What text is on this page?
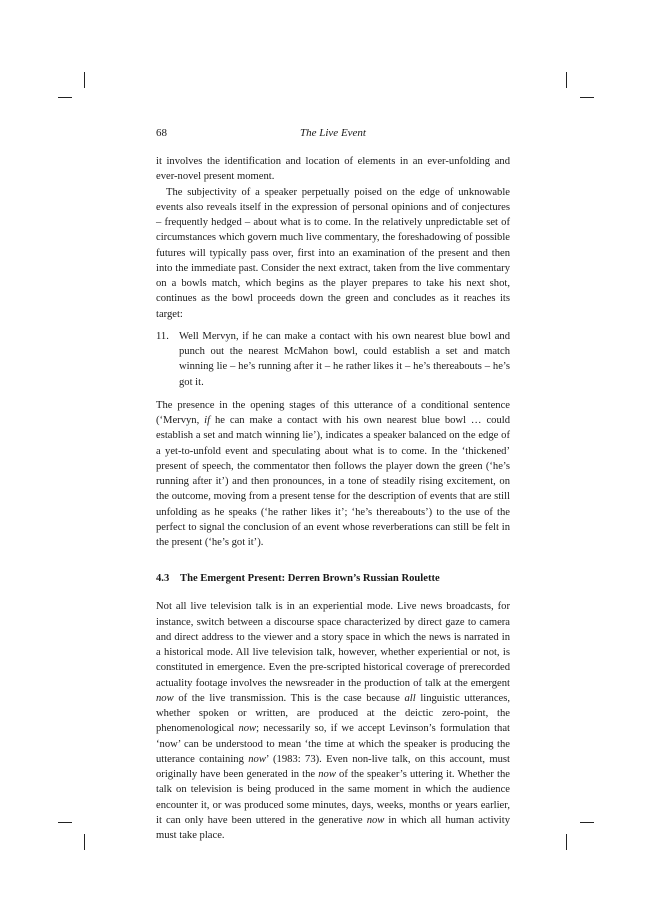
68	The Live Event

it involves the identification and location of elements in an ever-unfolding and ever-novel present moment.

The subjectivity of a speaker perpetually poised on the edge of unknowable events also reveals itself in the expression of personal opinions and of conjectures – frequently hedged – about what is to come. In the relatively unpredictable set of circumstances which govern much live commentary, the foreshadowing of possible futures will typically pass over, first into an examination of the present and then into the immediate past. Consider the next extract, taken from the live commentary on a bowls match, which begins as the player prepares to take his next shot, continues as the bowl proceeds down the green and concludes as it reaches its target:

11. Well Mervyn, if he can make a contact with his own nearest blue bowl and punch out the nearest McMahon bowl, could establish a set and match winning lie – he’s running after it – he rather likes it – he’s thereabouts – he’s got it.

The presence in the opening stages of this utterance of a conditional sentence (‘Mervyn, if he can make a contact with his own nearest blue bowl … could establish a set and match winning lie’), indicates a speaker balanced on the edge of a yet-to-unfold event and speculating about what is to come. In the ‘thickened’ present of speech, the commentator then follows the player down the green (‘he’s running after it’) and then pronounces, in a tone of steadily rising excitement, on the outcome, moving from a present tense for the description of events that are still unfolding as he speaks (‘he rather likes it’; ‘he’s thereabouts’) to the use of the perfect to signal the conclusion of an event whose reverberations can still be felt in the present (‘he’s got it’).

4.3 The Emergent Present: Derren Brown’s Russian Roulette

Not all live television talk is in an experiential mode. Live news broadcasts, for instance, switch between a discourse space characterized by direct gaze to camera and direct address to the viewer and a story space in which the news is narrated in a historical mode. All live television talk, however, whether experiential or not, is constituted in emergence. Even the pre-scripted historical coverage of prerecorded actuality footage involves the newsreader in the production of talk at the emergent now of the live transmission. This is the case because all linguistic utterances, whether spoken or written, are produced at the deictic zero-point, the phenomenological now; necessarily so, if we accept Levinson’s formulation that ‘now’ can be understood to mean ‘the time at which the speaker is producing the utterance containing now’ (1983: 73). Even non-live talk, on this account, must originally have been generated in the now of the speaker’s uttering it. Whether the talk on television is being produced in the same moment in which the audience encounter it, or was produced some minutes, days, weeks, months or years earlier, it can only have been uttered in the generative now in which all human activity must take place.
